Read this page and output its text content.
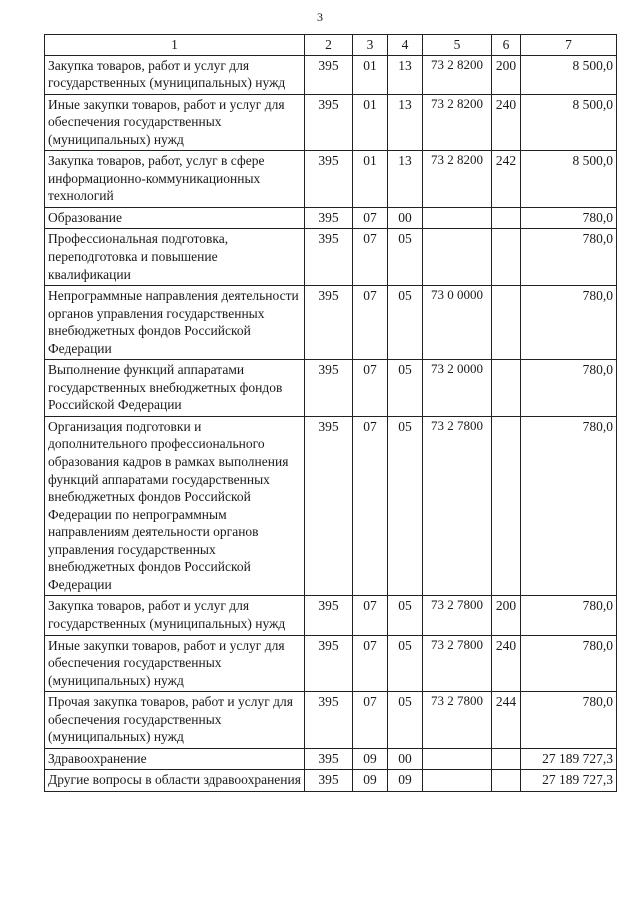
3
1	2	3	4	5	6	7
Закупка товаров, работ и услуг для государственных (муниципальных) нужд	395	01	13	73 2 8200	200	8 500,0
Иные закупки товаров, работ и услуг для обеспечения государственных (муниципальных) нужд	395	01	13	73 2 8200	240	8 500,0
Закупка товаров, работ, услуг в сфере информационно-коммуникационных технологий	395	01	13	73 2 8200	242	8 500,0
Образование	395	07	00			780,0
Профессиональная подготовка, переподготовка и повышение квалификации	395	07	05			780,0
Непрограммные направления деятельности органов управления государственных внебюджетных фондов Российской Федерации	395	07	05	73 0 0000		780,0
Выполнение функций аппаратами государственных внебюджетных фондов Российской Федерации	395	07	05	73 2 0000		780,0
Организация подготовки и дополнительного профессионального образования кадров в рамках выполнения функций аппаратами государственных внебюджетных фондов Российской Федерации по непрограммным направлениям деятельности органов управления государственных внебюджетных фондов Российской Федерации	395	07	05	73 2 7800		780,0
Закупка товаров, работ и услуг для государственных (муниципальных) нужд	395	07	05	73 2 7800	200	780,0
Иные закупки товаров, работ и услуг для обеспечения государственных (муниципальных) нужд	395	07	05	73 2 7800	240	780,0
Прочая закупка товаров, работ и услуг для обеспечения государственных (муниципальных) нужд	395	07	05	73 2 7800	244	780,0
Здравоохранение	395	09	00			27 189 727,3
Другие вопросы в области здравоохранения	395	09	09			27 189 727,3
